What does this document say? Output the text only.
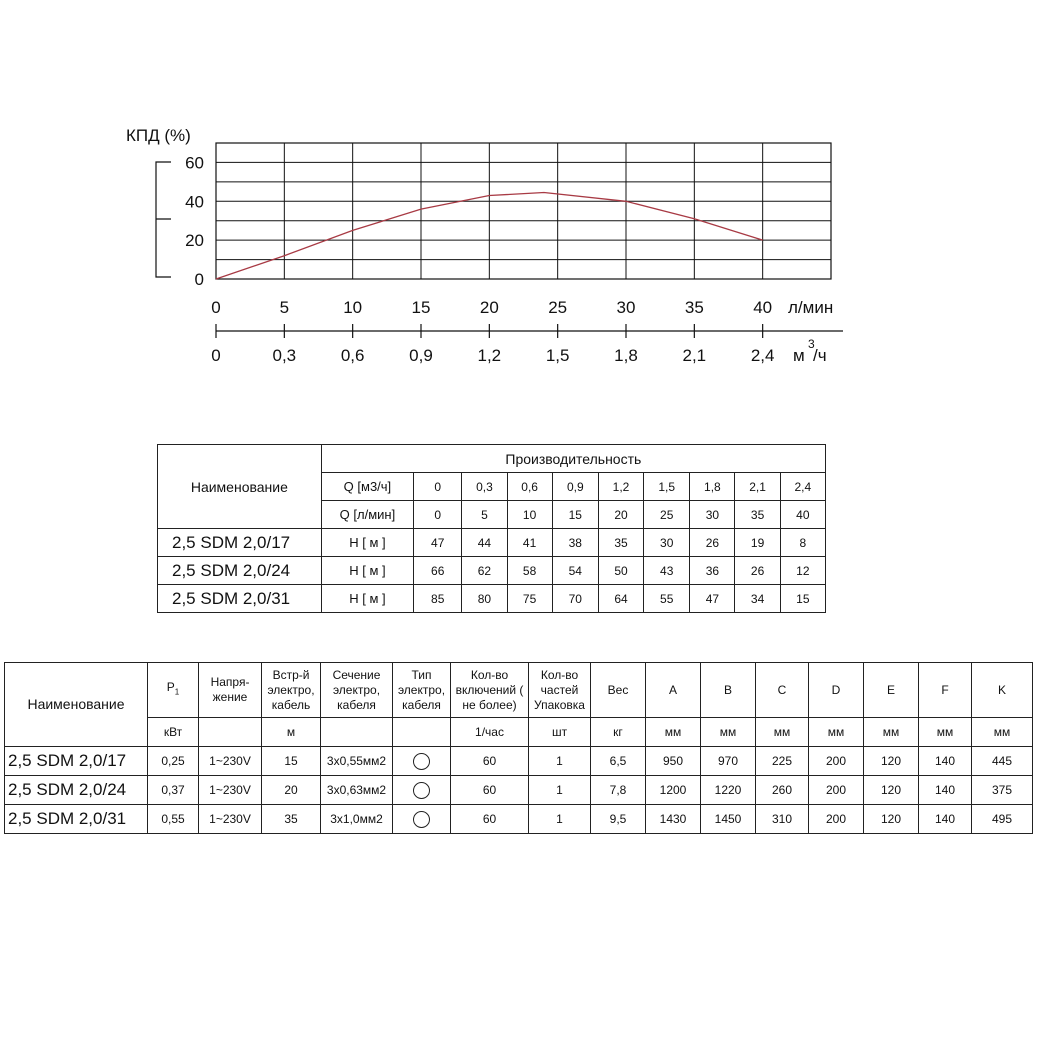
КПД (%)
0
20
40
60
0	5	10	15	20	25	30	35	40 л/мин
0	0,3	0,6	0,9	1,2	1,5	1,8	2,1	2,4 м
3
/ч
Наименование	Производительность									
	Q [м3/ч]	0	0,3	0,6	0,9	1,2	1,5	1,8	2,1	2,4
	Q [л/мин]	0	5	10	15	20	25	30	35	40
2,5 SDM 2,0/17	Н [ м ]	47	44	41	38	35	30	26	19	8
2,5 SDM 2,0/24	Н [ м ]	66	62	58	54	50	43	36	26	12
2,5 SDM 2,0/31	Н [ м ]	85	80	75	70	64	55	47	34	15
Наименование	$P_1$	Напря-жение	Встр-й электро, кабель	Сечение электро, кабеля	Тип электро, кабеля	Кол-во включений ( не более)	Кол-во частей Упаковка	Вес	A	B	C	D	E	F	K
	кВт		м			1/час	шт	кг	мм	мм	мм	мм	мм	мм	мм
2,5 SDM 2,0/17	0,25	1~230V	15	3х0,55мм2		60	1	6,5	950	970	225	200	120	140	445
2,5 SDM 2,0/24	0,37	1~230V	20	3х0,63мм2		60	1	7,8	1200	1220	260	200	120	140	375
2,5 SDM 2,0/31	0,55	1~230V	35	3х1,0мм2		60	1	9,5	1430	1450	310	200	120	140	495
